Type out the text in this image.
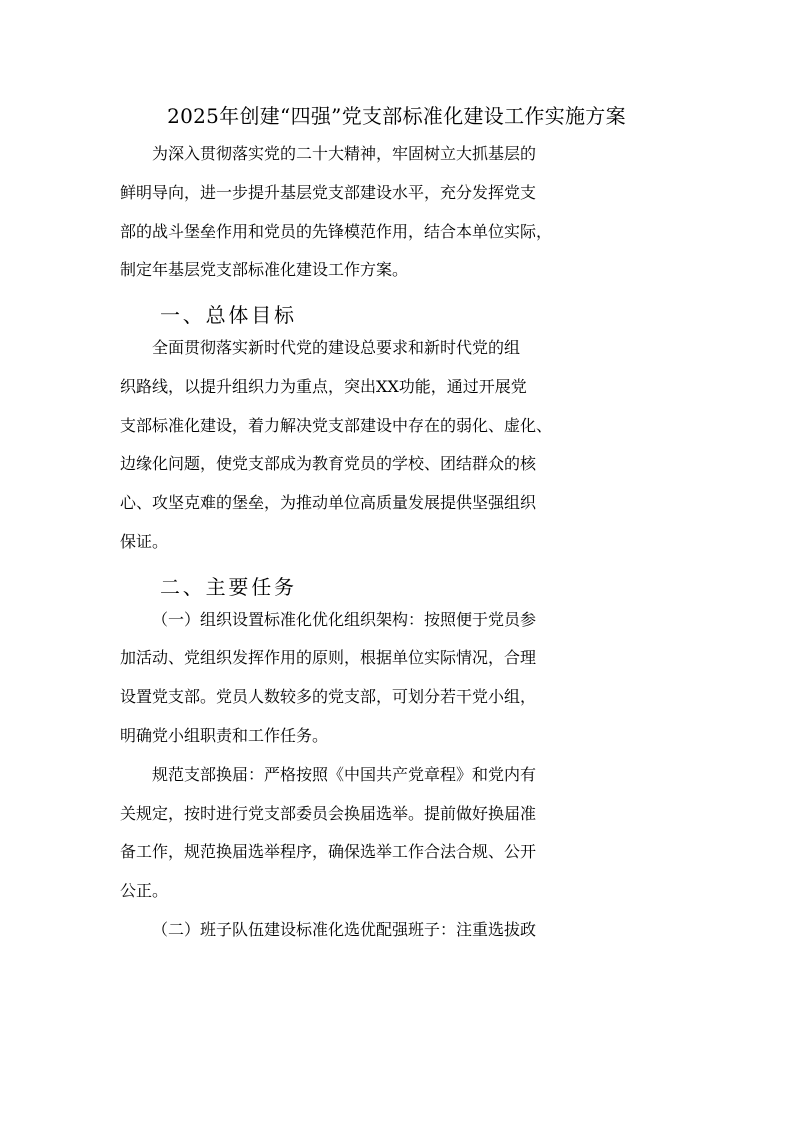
2025年创建“四强”党支部标准化建设工作实施方案
为深入贯彻落实党的二十大精神，牢固树立大抓基层的
鲜明导向，进一步提升基层党支部建设水平，充分发挥党支
部的战斗堡垒作用和党员的先锋模范作用，结合本单位实际，
制定年基层党支部标准化建设工作方案。
一、总体目标
全面贯彻落实新时代党的建设总要求和新时代党的组
织路线，以提升组织力为重点，突出XX功能，通过开展党
支部标准化建设，着力解决党支部建设中存在的弱化、虚化、
边缘化问题，使党支部成为教育党员的学校、团结群众的核
心、攻坚克难的堡垒，为推动单位高质量发展提供坚强组织
保证。
二、主要任务
（一）组织设置标准化优化组织架构：按照便于党员参
加活动、党组织发挥作用的原则，根据单位实际情况，合理
设置党支部。党员人数较多的党支部，可划分若干党小组，
明确党小组职责和工作任务。
规范支部换届：严格按照《中国共产党章程》和党内有
关规定，按时进行党支部委员会换届选举。提前做好换届准
备工作，规范换届选举程序，确保选举工作合法合规、公开
公正。
（二）班子队伍建设标准化选优配强班子：注重选拔政
